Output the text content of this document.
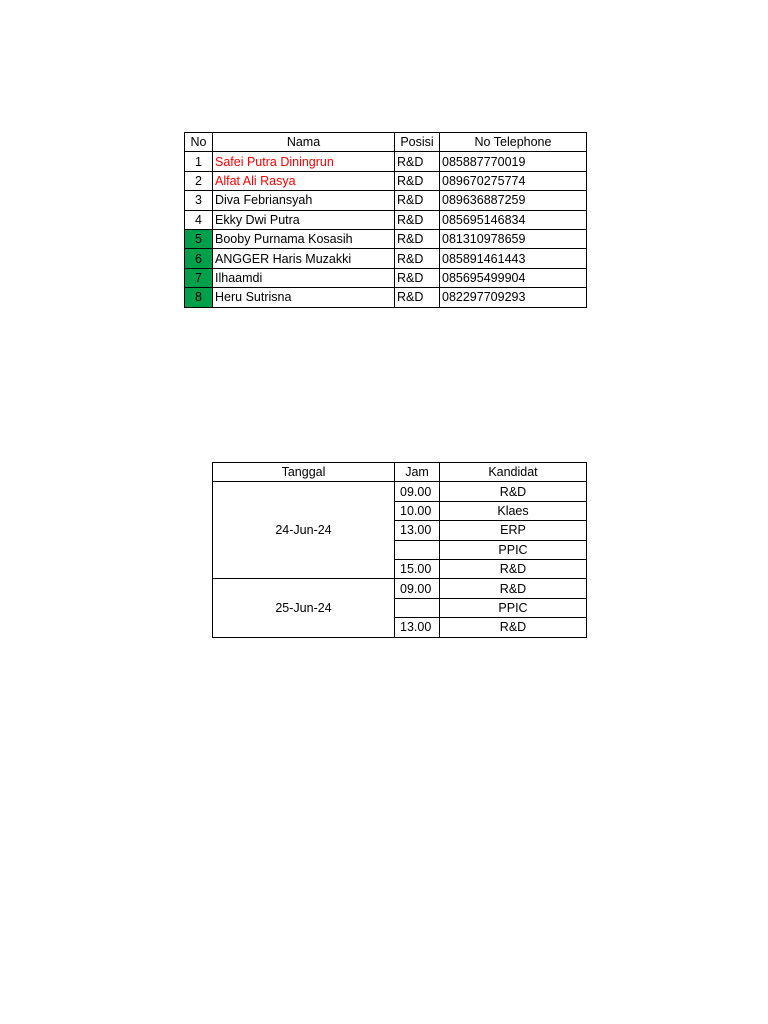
No	Nama	Posisi	No Telephone
1	Safei Putra Diningrun	R&D	085887770019
2	Alfat Ali Rasya	R&D	089670275774
3	Diva Febriansyah	R&D	089636887259
4	Ekky Dwi Putra	R&D	085695146834
5	Booby Purnama Kosasih	R&D	081310978659
6	ANGGER Haris Muzakki	R&D	085891461443
7	Ilhaamdi	R&D	085695499904
8	Heru Sutrisna	R&D	082297709293
Tanggal	Jam	Kandidat
24-Jun-24	09.00	R&D
	10.00	Klaes
	13.00	ERP
		PPIC
	15.00	R&D
25-Jun-24	09.00	R&D
		PPIC
	13.00	R&D
